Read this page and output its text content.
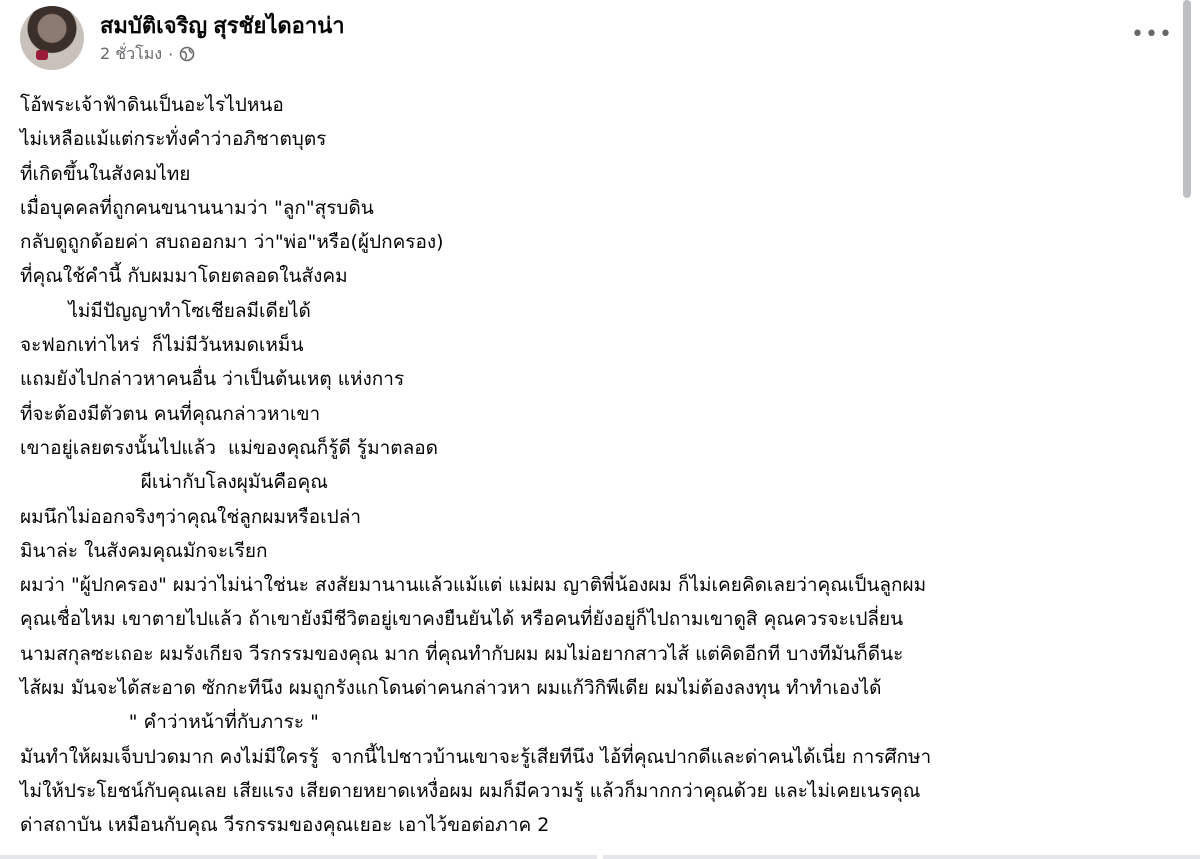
สมบัติเจริญ สุรชัยไดอาน่า
2 ชั่วโมง ·
•••
โอ้พระเจ้าฟ้าดินเป็นอะไรไปหนอ
ไม่เหลือแม้แต่กระทั่งคำว่าอภิชาตบุตร
ที่เกิดขึ้นในสังคมไทย
เมื่อบุคคลที่ถูกคนขนานนามว่า "ลูก"สุรบดิน
กลับดูถูกด้อยค่า สบถออกมา ว่า"พ่อ"หรือ(ผู้ปกครอง)
ที่คุณใช้คำนี้ กับผมมาโดยตลอดในสังคม
ไม่มีปัญญาทำโซเชียลมีเดียได้
จะฟอกเท่าไหร่  ก็ไม่มีวันหมดเหม็น
แถมยังไปกล่าวหาคนอื่น ว่าเป็นต้นเหตุ แห่งการ
ที่จะต้องมีตัวตน คนที่คุณกล่าวหาเขา
เขาอยู่เลยตรงนั้นไปแล้ว  แม่ของคุณก็รู้ดี รู้มาตลอด
ผีเน่ากับโลงผุมันคือคุณ
ผมนึกไม่ออกจริงๆว่าคุณใช่ลูกผมหรือเปล่า
มินาล่ะ ในสังคมคุณมักจะเรียก
ผมว่า "ผู้ปกครอง" ผมว่าไม่น่าใช่นะ สงสัยมานานแล้วแม้แต่ แม่ผม ญาติพี่น้องผม ก็ไม่เคยคิดเลยว่าคุณเป็นลูกผม
คุณเชื่อไหม เขาตายไปแล้ว ถ้าเขายังมีชีวิตอยู่เขาคงยืนยันได้ หรือคนที่ยังอยู่ก็ไปถามเขาดูสิ คุณควรจะเปลี่ยน
นามสกุลซะเถอะ ผมรังเกียจ วีรกรรมของคุณ มาก ที่คุณทำกับผม ผมไม่อยากสาวไส้ แต่คิดอีกที บางทีมันก็ดีนะ
ไส้ผม มันจะได้สะอาด ซักกะทีนึง ผมถูกรังแกโดนด่าคนกล่าวหา ผมแก้วิกิพีเดีย ผมไม่ต้องลงทุน ทำทำเองได้
" คำว่าหน้าที่กับภาระ "
มันทำให้ผมเจ็บปวดมาก คงไม่มีใครรู้  จากนี้ไปชาวบ้านเขาจะรู้เสียทีนึง ไอ้ที่คุณปากดีและด่าคนได้เนี่ย การศึกษา
ไม่ให้ประโยชน์กับคุณเลย เสียแรง เสียดายหยาดเหงื่อผม ผมก็มีความรู้ แล้วก็มากกว่าคุณด้วย และไม่เคยเนรคุณ
ด่าสถาบัน เหมือนกับคุณ วีรกรรมของคุณเยอะ เอาไว้ขอต่อภาค 2
